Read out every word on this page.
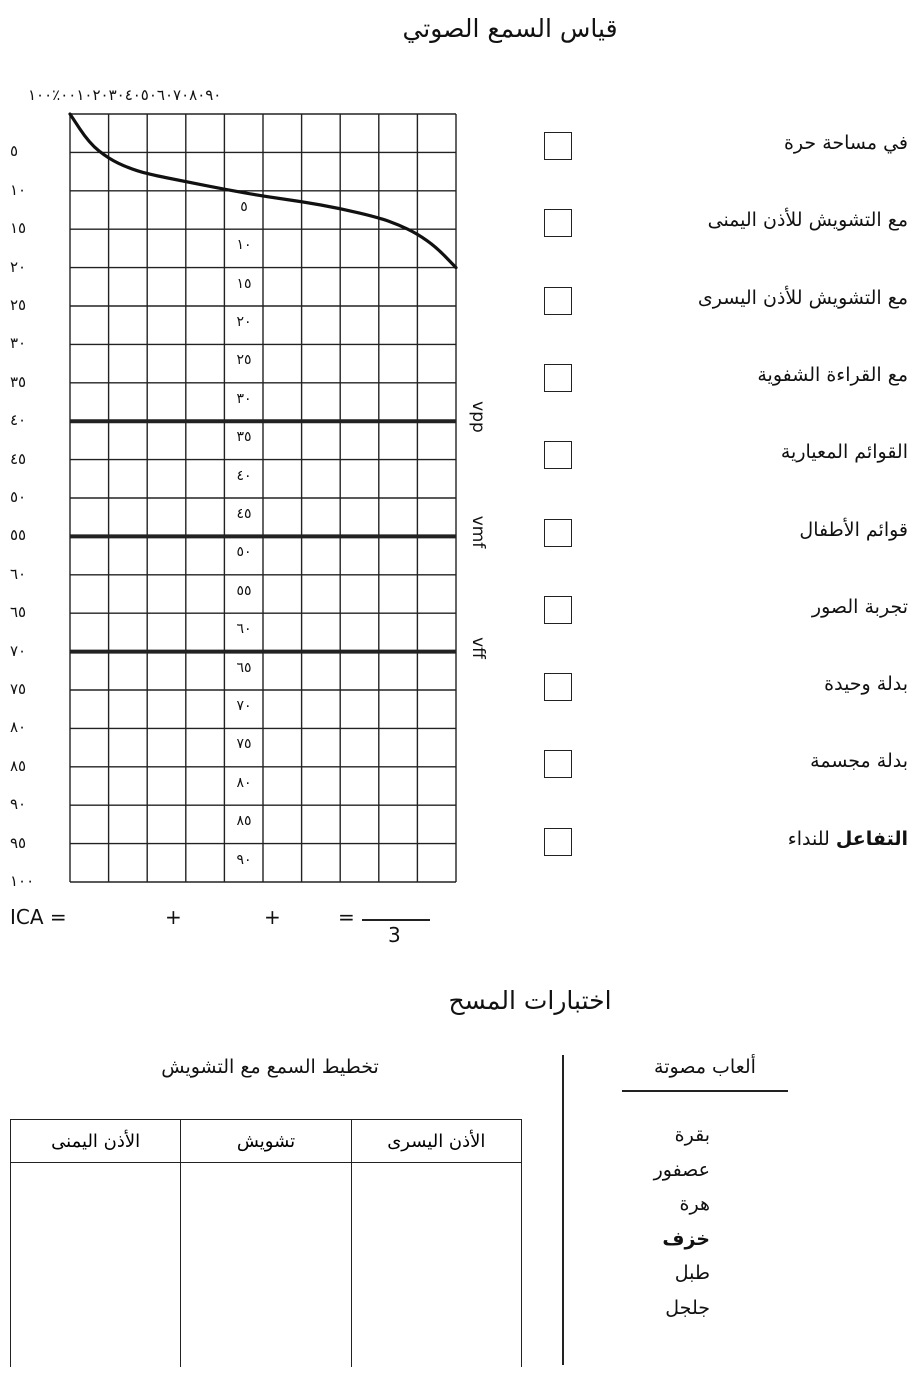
قياس السمع الصوتي
٠٠١٠٢٠٣٠٤٠٥٠٦٠٧٠٨٠٩٠٪١٠٠
٥
١٠
١٥
٢٠
٢٥
٣٠
٣٥
٤٠
٤٥
٥٠
٥٥
٦٠
٦٥
٧٠
٧٥
٨٠
٨٥
٩٠
٩٥
١٠٠
٥
١٠
١٥
٢٠
٢٥
٣٠
٣٥
٤٠
٤٥
٥٠
٥٥
٦٠
٦٥
٧٠
٧٥
٨٠
٨٥
٩٠
vpp
vmf
vff
في مساحة حرة
مع التشويش للأذن اليمنى
مع التشويش للأذن اليسرى
مع القراءة الشفوية
القوائم المعيارية
قوائم الأطفال
تجربة الصور
بدلة وحيدة
بدلة مجسمة
التفاعل للنداء
ICA =	+	+	=
3
اختبارات المسح
تخطيط السمع مع التشويش	ألعاب مصوتة
الأذن اليمنى	تشويش	الأذن اليسرى
			بقرة
عصفور
هرة
خزف
طبل
جلجل
